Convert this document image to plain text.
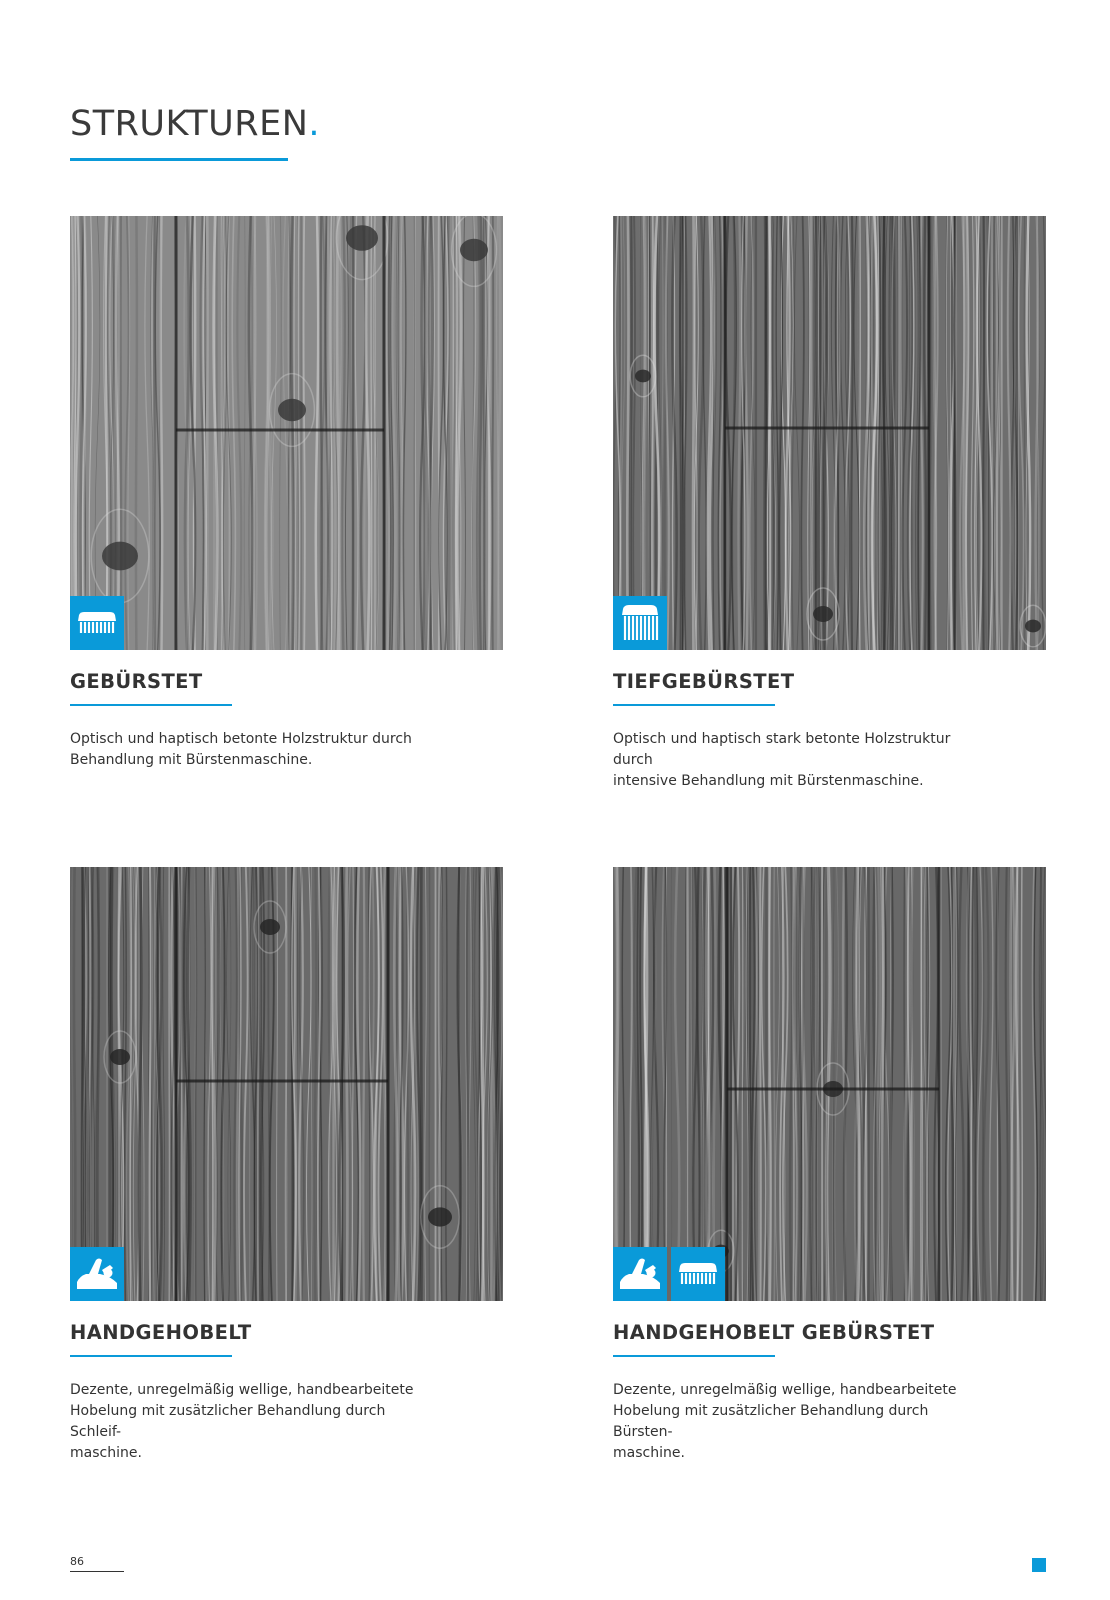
STRUKTUREN.
GEBÜRSTET

Optisch und haptisch betonte Holzstruktur durch
Behandlung mit Bürstenmaschine.

TIEFGEBÜRSTET

Optisch und haptisch stark betonte Holzstruktur durch
intensive Behandlung mit Bürstenmaschine.

HANDGEHOBELT

Dezente, unregelmäßig wellige, handbearbeitete
Hobelung mit zusätzlicher Behandlung durch Schleif-
maschine.

HANDGEHOBELT GEBÜRSTET

Dezente, unregelmäßig wellige, handbearbeitete
Hobelung mit zusätzlicher Behandlung durch Bürsten-
maschine.

86
